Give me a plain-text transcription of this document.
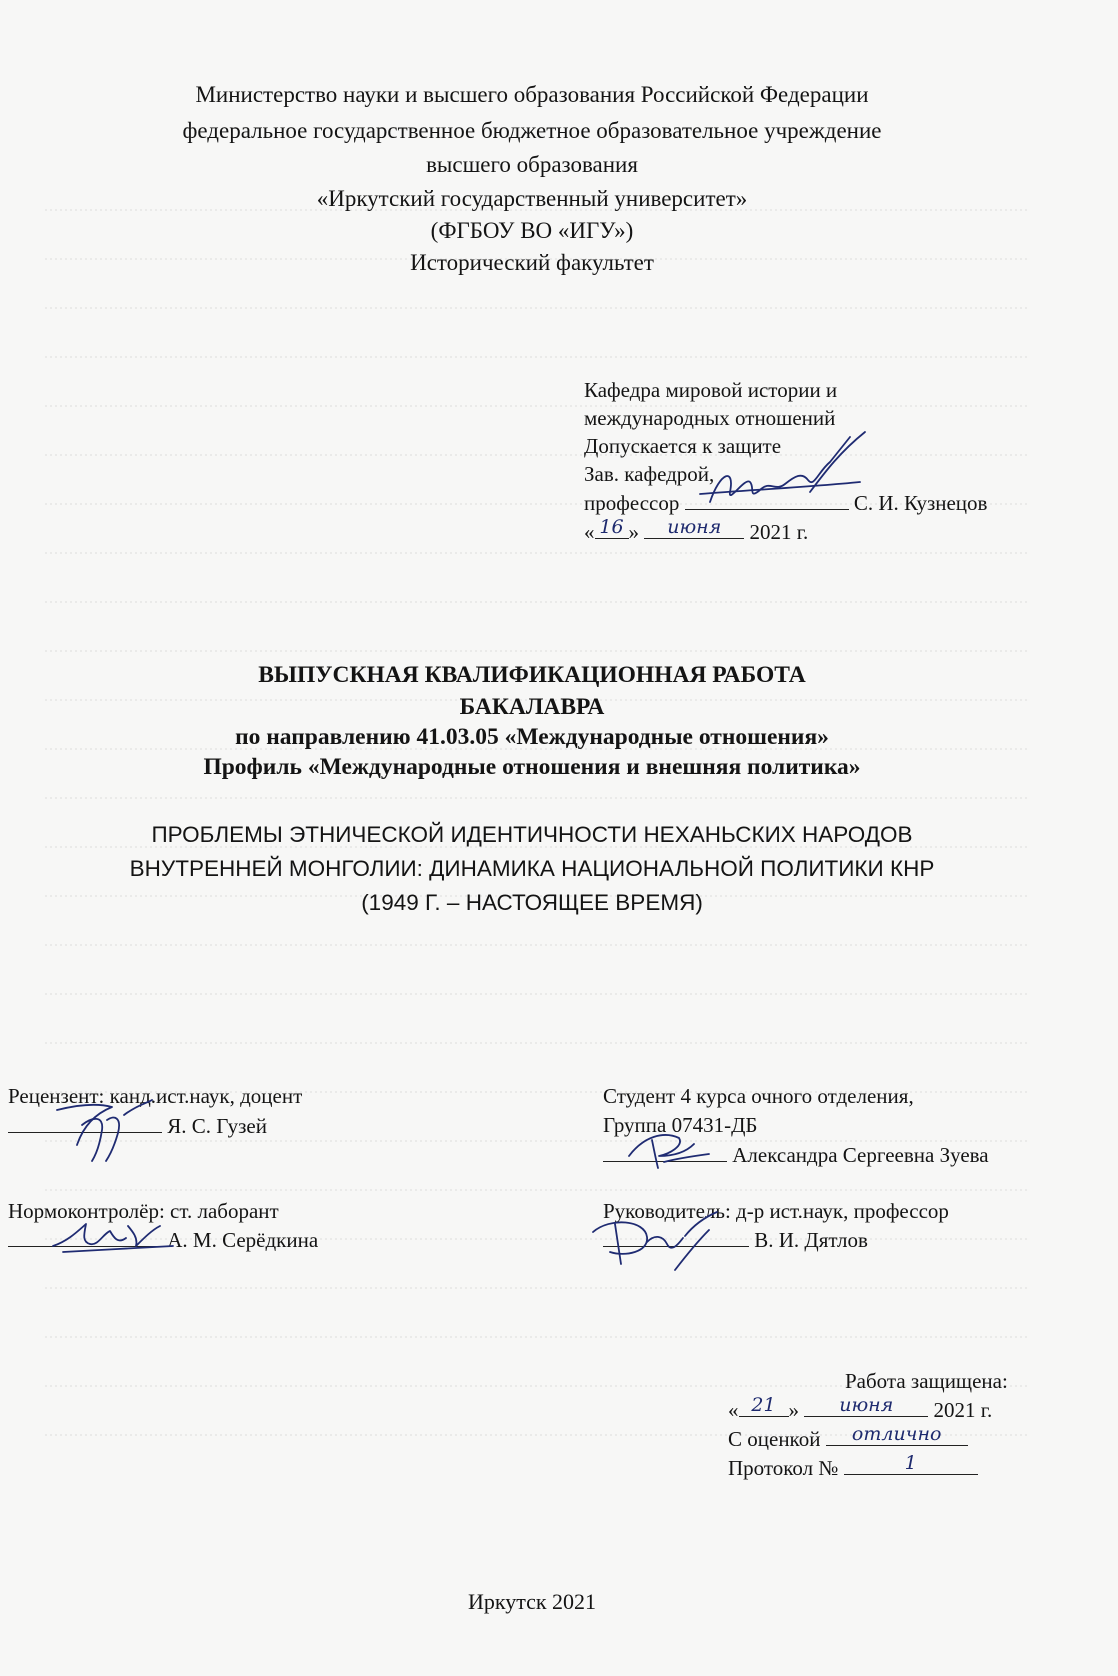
Министерство науки и высшего образования Российской Федерации
федеральное государственное бюджетное образовательное учреждение
высшего образования
«Иркутский государственный университет»
(ФГБОУ ВО «ИГУ»)
Исторический факультет
Кафедра мировой истории и
международных отношений
Допускается к защите
Зав. кафедрой,
профессор	С. И. Кузнецов
« 16 »	июня	2021 г.
ВЫПУСКНАЯ КВАЛИФИКАЦИОННАЯ РАБОТА
БАКАЛАВРА
по направлению 41.03.05 «Международные отношения»
Профиль «Международные отношения и внешняя политика»
ПРОБЛЕМЫ ЭТНИЧЕСКОЙ ИДЕНТИЧНОСТИ НЕХАНЬСКИХ НАРОДОВ
ВНУТРЕННЕЙ МОНГОЛИИ: ДИНАМИКА НАЦИОНАЛЬНОЙ ПОЛИТИКИ КНР
(1949 Г. – НАСТОЯЩЕЕ ВРЕМЯ)
Рецензент: канд.ист.наук, доцент
Я. С. Гузей
Студент 4 курса очного отделения,
Группа 07431-ДБ
Александра Сергеевна Зуева
Нормоконтролёр: ст. лаборант
А. М. Серёдкина
Руководитель: д-р ист.наук, профессор
В. И. Дятлов
Работа защищена:
« 21 »	июня	2021 г.
С оценкой	отлично
Протокол №	1
Иркутск 2021
